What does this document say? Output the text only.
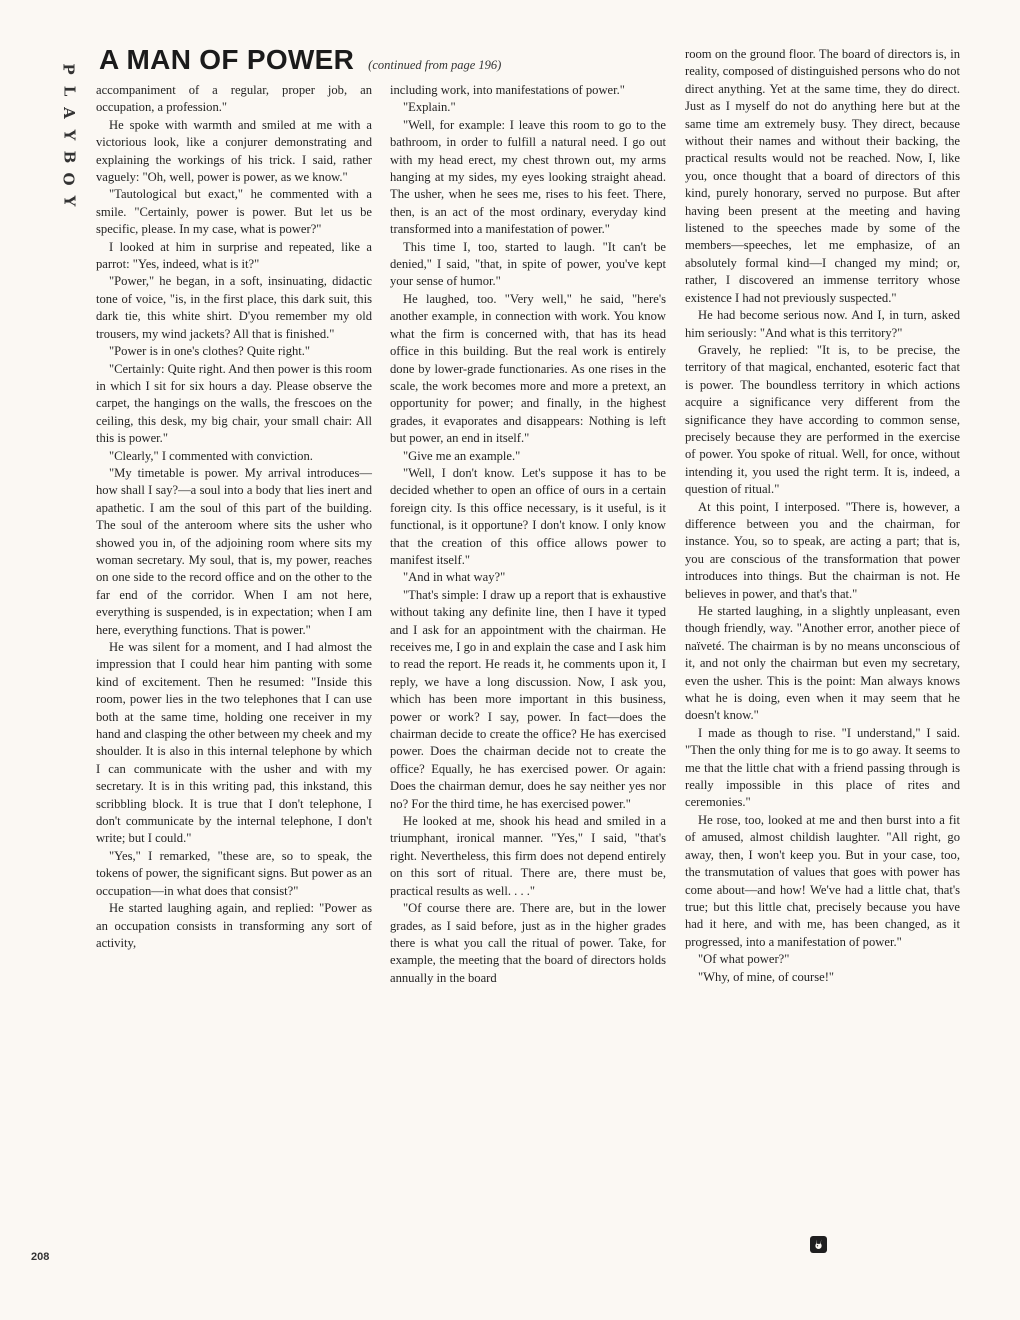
P
L
A
Y
B
O
Y
A MAN OF POWER (continued from page 196)

accompaniment of a regular, proper job, an occupation, a profession."

He spoke with warmth and smiled at me with a victorious look, like a conjurer demonstrating and explaining the workings of his trick. I said, rather vaguely: "Oh, well, power is power, as we know."

"Tautological but exact," he commented with a smile. "Certainly, power is power. But let us be specific, please. In my case, what is power?"

I looked at him in surprise and repeated, like a parrot: "Yes, indeed, what is it?"

"Power," he began, in a soft, insinuating, didactic tone of voice, "is, in the first place, this dark suit, this dark tie, this white shirt. D'you remember my old trousers, my wind jackets? All that is finished."

"Power is in one's clothes? Quite right."

"Certainly: Quite right. And then power is this room in which I sit for six hours a day. Please observe the carpet, the hangings on the walls, the frescoes on the ceiling, this desk, my big chair, your small chair: All this is power."

"Clearly," I commented with conviction.

"My timetable is power. My arrival introduces—how shall I say?—a soul into a body that lies inert and apathetic. I am the soul of this part of the building. The soul of the anteroom where sits the usher who showed you in, of the adjoining room where sits my woman secretary. My soul, that is, my power, reaches on one side to the record office and on the other to the far end of the corridor. When I am not here, everything is suspended, is in expectation; when I am here, everything functions. That is power."

He was silent for a moment, and I had almost the impression that I could hear him panting with some kind of excitement. Then he resumed: "Inside this room, power lies in the two telephones that I can use both at the same time, holding one receiver in my hand and clasping the other between my cheek and my shoulder. It is also in this internal telephone by which I can communicate with the usher and with my secretary. It is in this writing pad, this inkstand, this scribbling block. It is true that I don't telephone, I don't communicate by the internal telephone, I don't write; but I could."

"Yes," I remarked, "these are, so to speak, the tokens of power, the significant signs. But power as an occupation—in what does that consist?"

He started laughing again, and replied: "Power as an occupation consists in transforming any sort of activity,

including work, into manifestations of power."

"Explain."

"Well, for example: I leave this room to go to the bathroom, in order to fulfill a natural need. I go out with my head erect, my chest thrown out, my arms hanging at my sides, my eyes looking straight ahead. The usher, when he sees me, rises to his feet. There, then, is an act of the most ordinary, everyday kind transformed into a manifestation of power."

This time I, too, started to laugh. "It can't be denied," I said, "that, in spite of power, you've kept your sense of humor."

He laughed, too. "Very well," he said, "here's another example, in connection with work. You know what the firm is concerned with, that has its head office in this building. But the real work is entirely done by lower-grade functionaries. As one rises in the scale, the work becomes more and more a pretext, an opportunity for power; and finally, in the highest grades, it evaporates and disappears: Nothing is left but power, an end in itself."

"Give me an example."

"Well, I don't know. Let's suppose it has to be decided whether to open an office of ours in a certain foreign city. Is this office necessary, is it useful, is it functional, is it opportune? I don't know. I only know that the creation of this office allows power to manifest itself."

"And in what way?"

"That's simple: I draw up a report that is exhaustive without taking any definite line, then I have it typed and I ask for an appointment with the chairman. He receives me, I go in and explain the case and I ask him to read the report. He reads it, he comments upon it, I reply, we have a long discussion. Now, I ask you, which has been more important in this business, power or work? I say, power. In fact—does the chairman decide to create the office? He has exercised power. Does the chairman decide not to create the office? Equally, he has exercised power. Or again: Does the chairman demur, does he say neither yes nor no? For the third time, he has exercised power."

He looked at me, shook his head and smiled in a triumphant, ironical manner. "Yes," I said, "that's right. Nevertheless, this firm does not depend entirely on this sort of ritual. There are, there must be, practical results as well. . . ."

"Of course there are. There are, but in the lower grades, as I said before, just as in the higher grades there is what you call the ritual of power. Take, for example, the meeting that the board of directors holds annually in the board

room on the ground floor. The board of directors is, in reality, composed of distinguished persons who do not direct anything. Yet at the same time, they do direct. Just as I myself do not do anything here but at the same time am extremely busy. They direct, because without their names and without their backing, the practical results would not be reached. Now, I, like you, once thought that a board of directors of this kind, purely honorary, served no purpose. But after having been present at the meeting and having listened to the speeches made by some of the members—speeches, let me emphasize, of an absolutely formal kind—I changed my mind; or, rather, I discovered an immense territory whose existence I had not previously suspected."

He had become serious now. And I, in turn, asked him seriously: "And what is this territory?"

Gravely, he replied: "It is, to be precise, the territory of that magical, enchanted, esoteric fact that is power. The boundless territory in which actions acquire a significance very different from the significance they have according to common sense, precisely because they are performed in the exercise of power. You spoke of ritual. Well, for once, without intending it, you used the right term. It is, indeed, a question of ritual."

At this point, I interposed. "There is, however, a difference between you and the chairman, for instance. You, so to speak, are acting a part; that is, you are conscious of the transformation that power introduces into things. But the chairman is not. He believes in power, and that's that."

He started laughing, in a slightly unpleasant, even though friendly, way. "Another error, another piece of naïveté. The chairman is by no means unconscious of it, and not only the chairman but even my secretary, even the usher. This is the point: Man always knows what he is doing, even when it may seem that he doesn't know."

I made as though to rise. "I understand," I said. "Then the only thing for me is to go away. It seems to me that the little chat with a friend passing through is really impossible in this place of rites and ceremonies."

He rose, too, looked at me and then burst into a fit of amused, almost childish laughter. "All right, go away, then, I won't keep you. But in your case, too, the transmutation of values that goes with power has come about—and how! We've had a little chat, that's true; but this little chat, precisely because you have had it here, and with me, has been changed, as it progressed, into a manifestation of power."

"Of what power?"

"Why, of mine, of course!"

208
